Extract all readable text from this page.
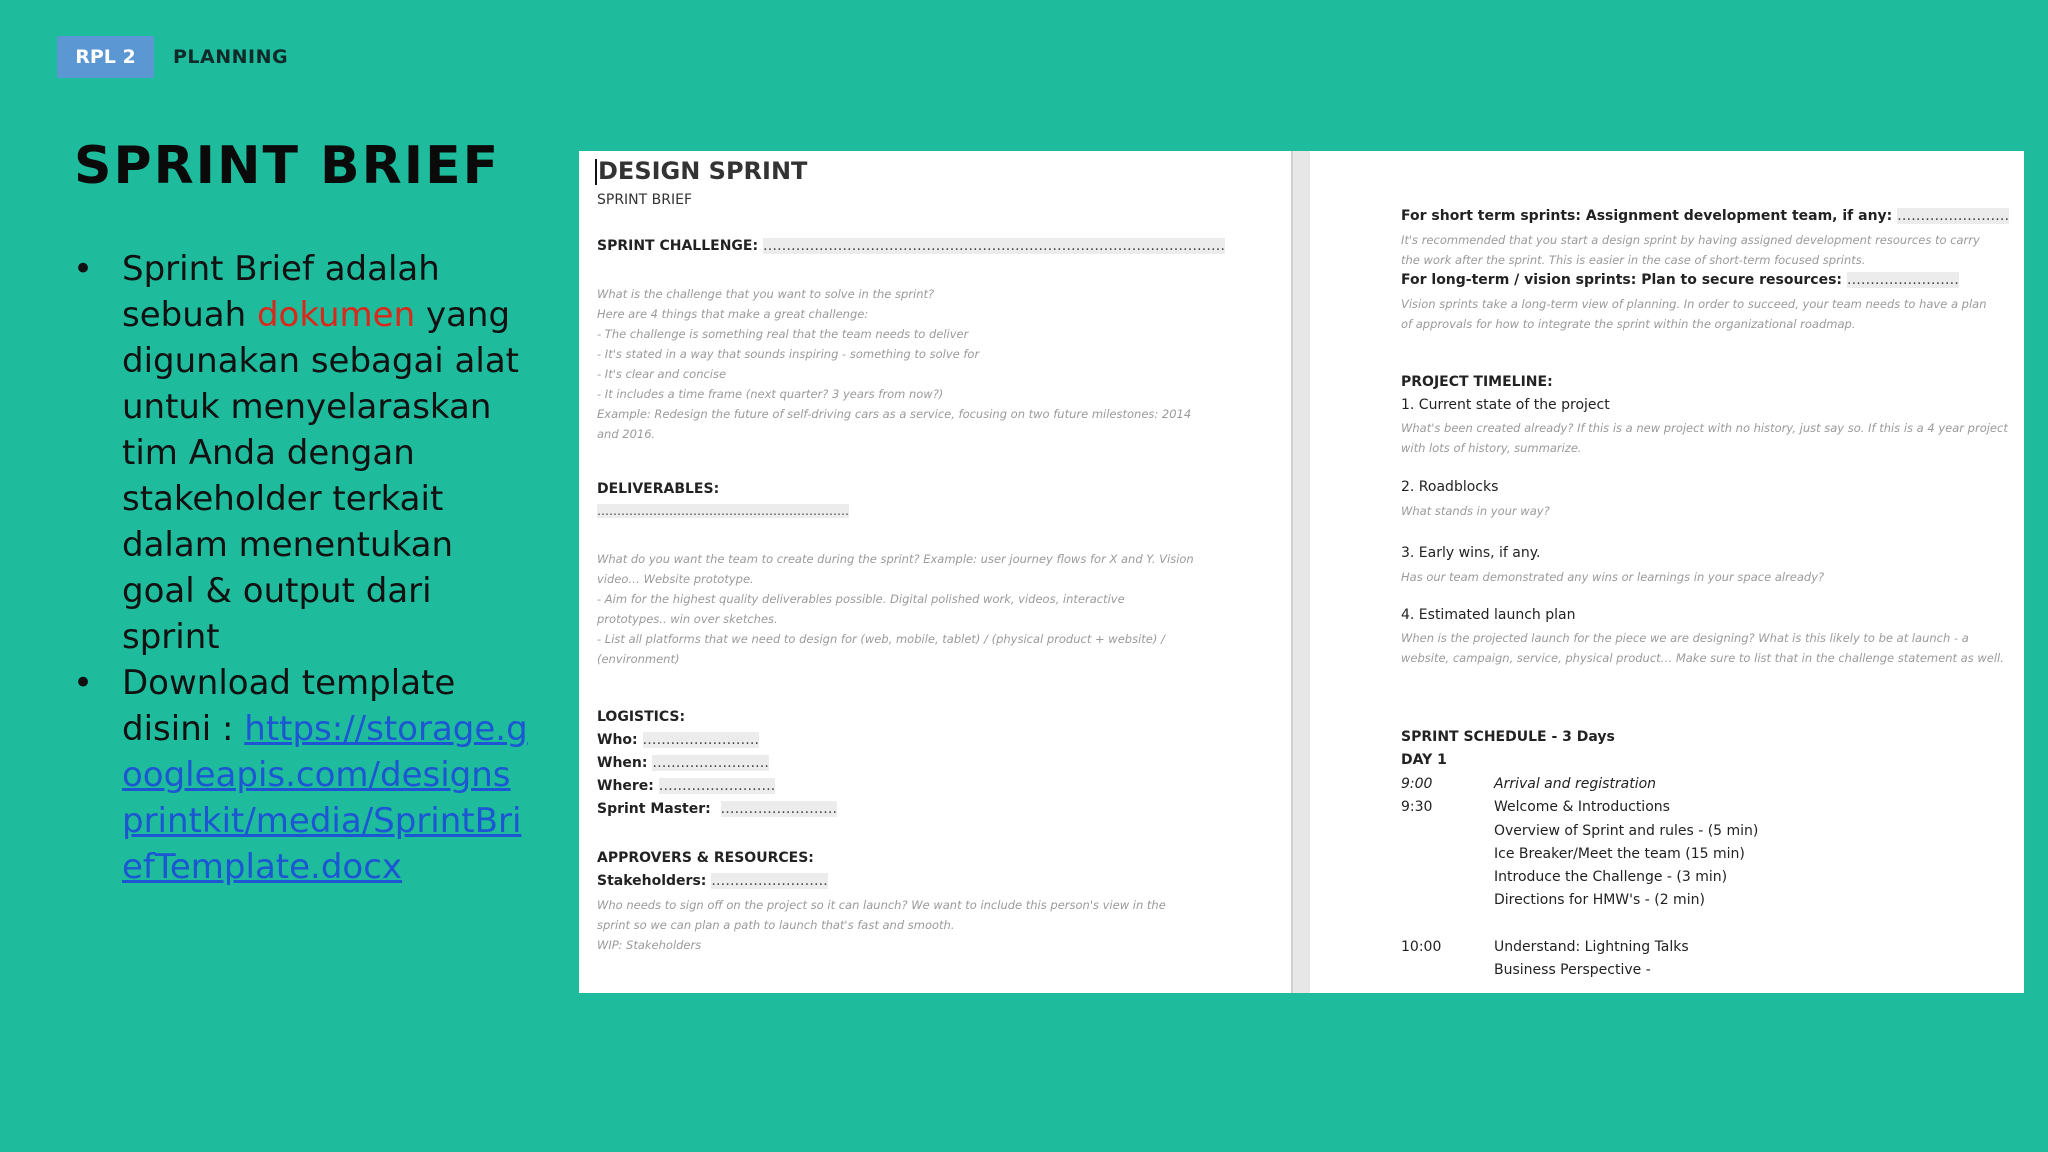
RPL 2 PLANNING
SPRINT BRIEF
• Sprint Brief adalah sebuah dokumen yang digunakan sebagai alat untuk menyelaraskan tim Anda dengan stakeholder terkait dalam menentukan goal & output dari sprint
• Download template disini : https://storage.googleapis.com/designsprintkit/media/SprintBriefTemplate.docx
DESIGN SPRINT
SPRINT BRIEF
SPRINT CHALLENGE: ………………………………………………………………………………………
What is the challenge that you want to solve in the sprint?
Here are 4 things that make a great challenge:
- The challenge is something real that the team needs to deliver
- It's stated in a way that sounds inspiring - something to solve for
- It's clear and concise
- It includes a time frame (next quarter? 3 years from now?)
Example: Redesign the future of self-driving cars as a service, focusing on two future milestones: 2014 and 2016.
DELIVERABLES:
………………………………………………………
What do you want the team to create during the sprint? Example: user journey flows for X and Y. Vision video… Website prototype.
- Aim for the highest quality deliverables possible. Digital polished work, videos, interactive prototypes.. win over sketches.
- List all platforms that we need to design for (web, mobile, tablet) / (physical product + website) / (environment)
LOGISTICS:
Who: …………………….
When: …………………….
Where: …………………….
Sprint Master: …………………….
APPROVERS & RESOURCES:
Stakeholders: …………………….
Who needs to sign off on the project so it can launch? We want to include this person's view in the sprint so we can plan a path to launch that's fast and smooth.
WIP: Stakeholders
For short term sprints: Assignment development team, if any: ……………………
It's recommended that you start a design sprint by having assigned development resources to carry the work after the sprint. This is easier in the case of short-term focused sprints.
For long-term / vision sprints: Plan to secure resources: ……………………
Vision sprints take a long-term view of planning. In order to succeed, your team needs to have a plan of approvals for how to integrate the sprint within the organizational roadmap.
PROJECT TIMELINE:
1. Current state of the project
What's been created already? If this is a new project with no history, just say so. If this is a 4 year project with lots of history, summarize.
2. Roadblocks
What stands in your way?
3. Early wins, if any.
Has our team demonstrated any wins or learnings in your space already?
4. Estimated launch plan
When is the projected launch for the piece we are designing? What is this likely to be at launch - a website, campaign, service, physical product… Make sure to list that in the challenge statement as well.
SPRINT SCHEDULE - 3 Days
DAY 1
9:00	Arrival and registration
9:30	Welcome & Introductions
Overview of Sprint and rules - (5 min)
Ice Breaker/Meet the team (15 min)
Introduce the Challenge - (3 min)
Directions for HMW's - (2 min)
10:00	Understand: Lightning Talks
Business Perspective -
